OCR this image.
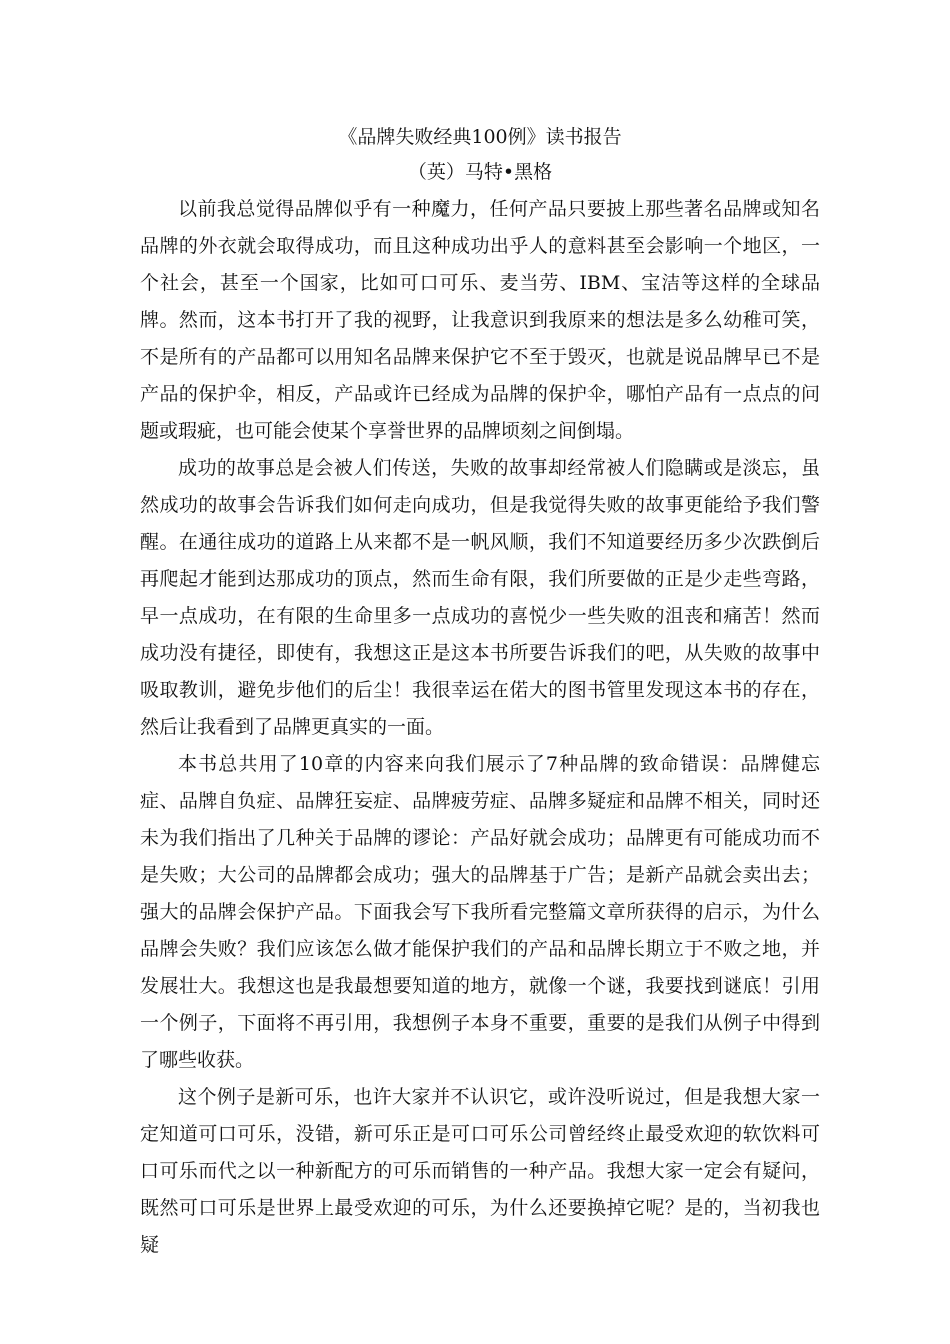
《品牌失败经典100例》读书报告
（英）马特•黑格

以前我总觉得品牌似乎有一种魔力，任何产品只要披上那些著名品牌或知名品牌的外衣就会取得成功，而且这种成功出乎人的意料甚至会影响一个地区，一个社会，甚至一个国家，比如可口可乐、麦当劳、IBM、宝洁等这样的全球品牌。然而，这本书打开了我的视野，让我意识到我原来的想法是多么幼稚可笑，不是所有的产品都可以用知名品牌来保护它不至于毁灭，也就是说品牌早已不是产品的保护伞，相反，产品或许已经成为品牌的保护伞，哪怕产品有一点点的问题或瑕疵，也可能会使某个享誉世界的品牌顷刻之间倒塌。

成功的故事总是会被人们传送，失败的故事却经常被人们隐瞒或是淡忘，虽然成功的故事会告诉我们如何走向成功，但是我觉得失败的故事更能给予我们警醒。在通往成功的道路上从来都不是一帆风顺，我们不知道要经历多少次跌倒后再爬起才能到达那成功的顶点，然而生命有限，我们所要做的正是少走些弯路，早一点成功，在有限的生命里多一点成功的喜悦少一些失败的沮丧和痛苦！然而成功没有捷径，即使有，我想这正是这本书所要告诉我们的吧，从失败的故事中吸取教训，避免步他们的后尘！我很幸运在偌大的图书管里发现这本书的存在，然后让我看到了品牌更真实的一面。

本书总共用了10章的内容来向我们展示了7种品牌的致命错误：品牌健忘症、品牌自负症、品牌狂妄症、品牌疲劳症、品牌多疑症和品牌不相关，同时还未为我们指出了几种关于品牌的谬论：产品好就会成功；品牌更有可能成功而不是失败；大公司的品牌都会成功；强大的品牌基于广告；是新产品就会卖出去；强大的品牌会保护产品。下面我会写下我所看完整篇文章所获得的启示，为什么品牌会失败？我们应该怎么做才能保护我们的产品和品牌长期立于不败之地，并发展壮大。我想这也是我最想要知道的地方，就像一个谜，我要找到谜底！引用一个例子，下面将不再引用，我想例子本身不重要，重要的是我们从例子中得到了哪些收获。

这个例子是新可乐，也许大家并不认识它，或许没听说过，但是我想大家一定知道可口可乐，没错，新可乐正是可口可乐公司曾经终止最受欢迎的软饮料可口可乐而代之以一种新配方的可乐而销售的一种产品。我想大家一定会有疑问，既然可口可乐是世界上最受欢迎的可乐，为什么还要换掉它呢？是的，当初我也疑
